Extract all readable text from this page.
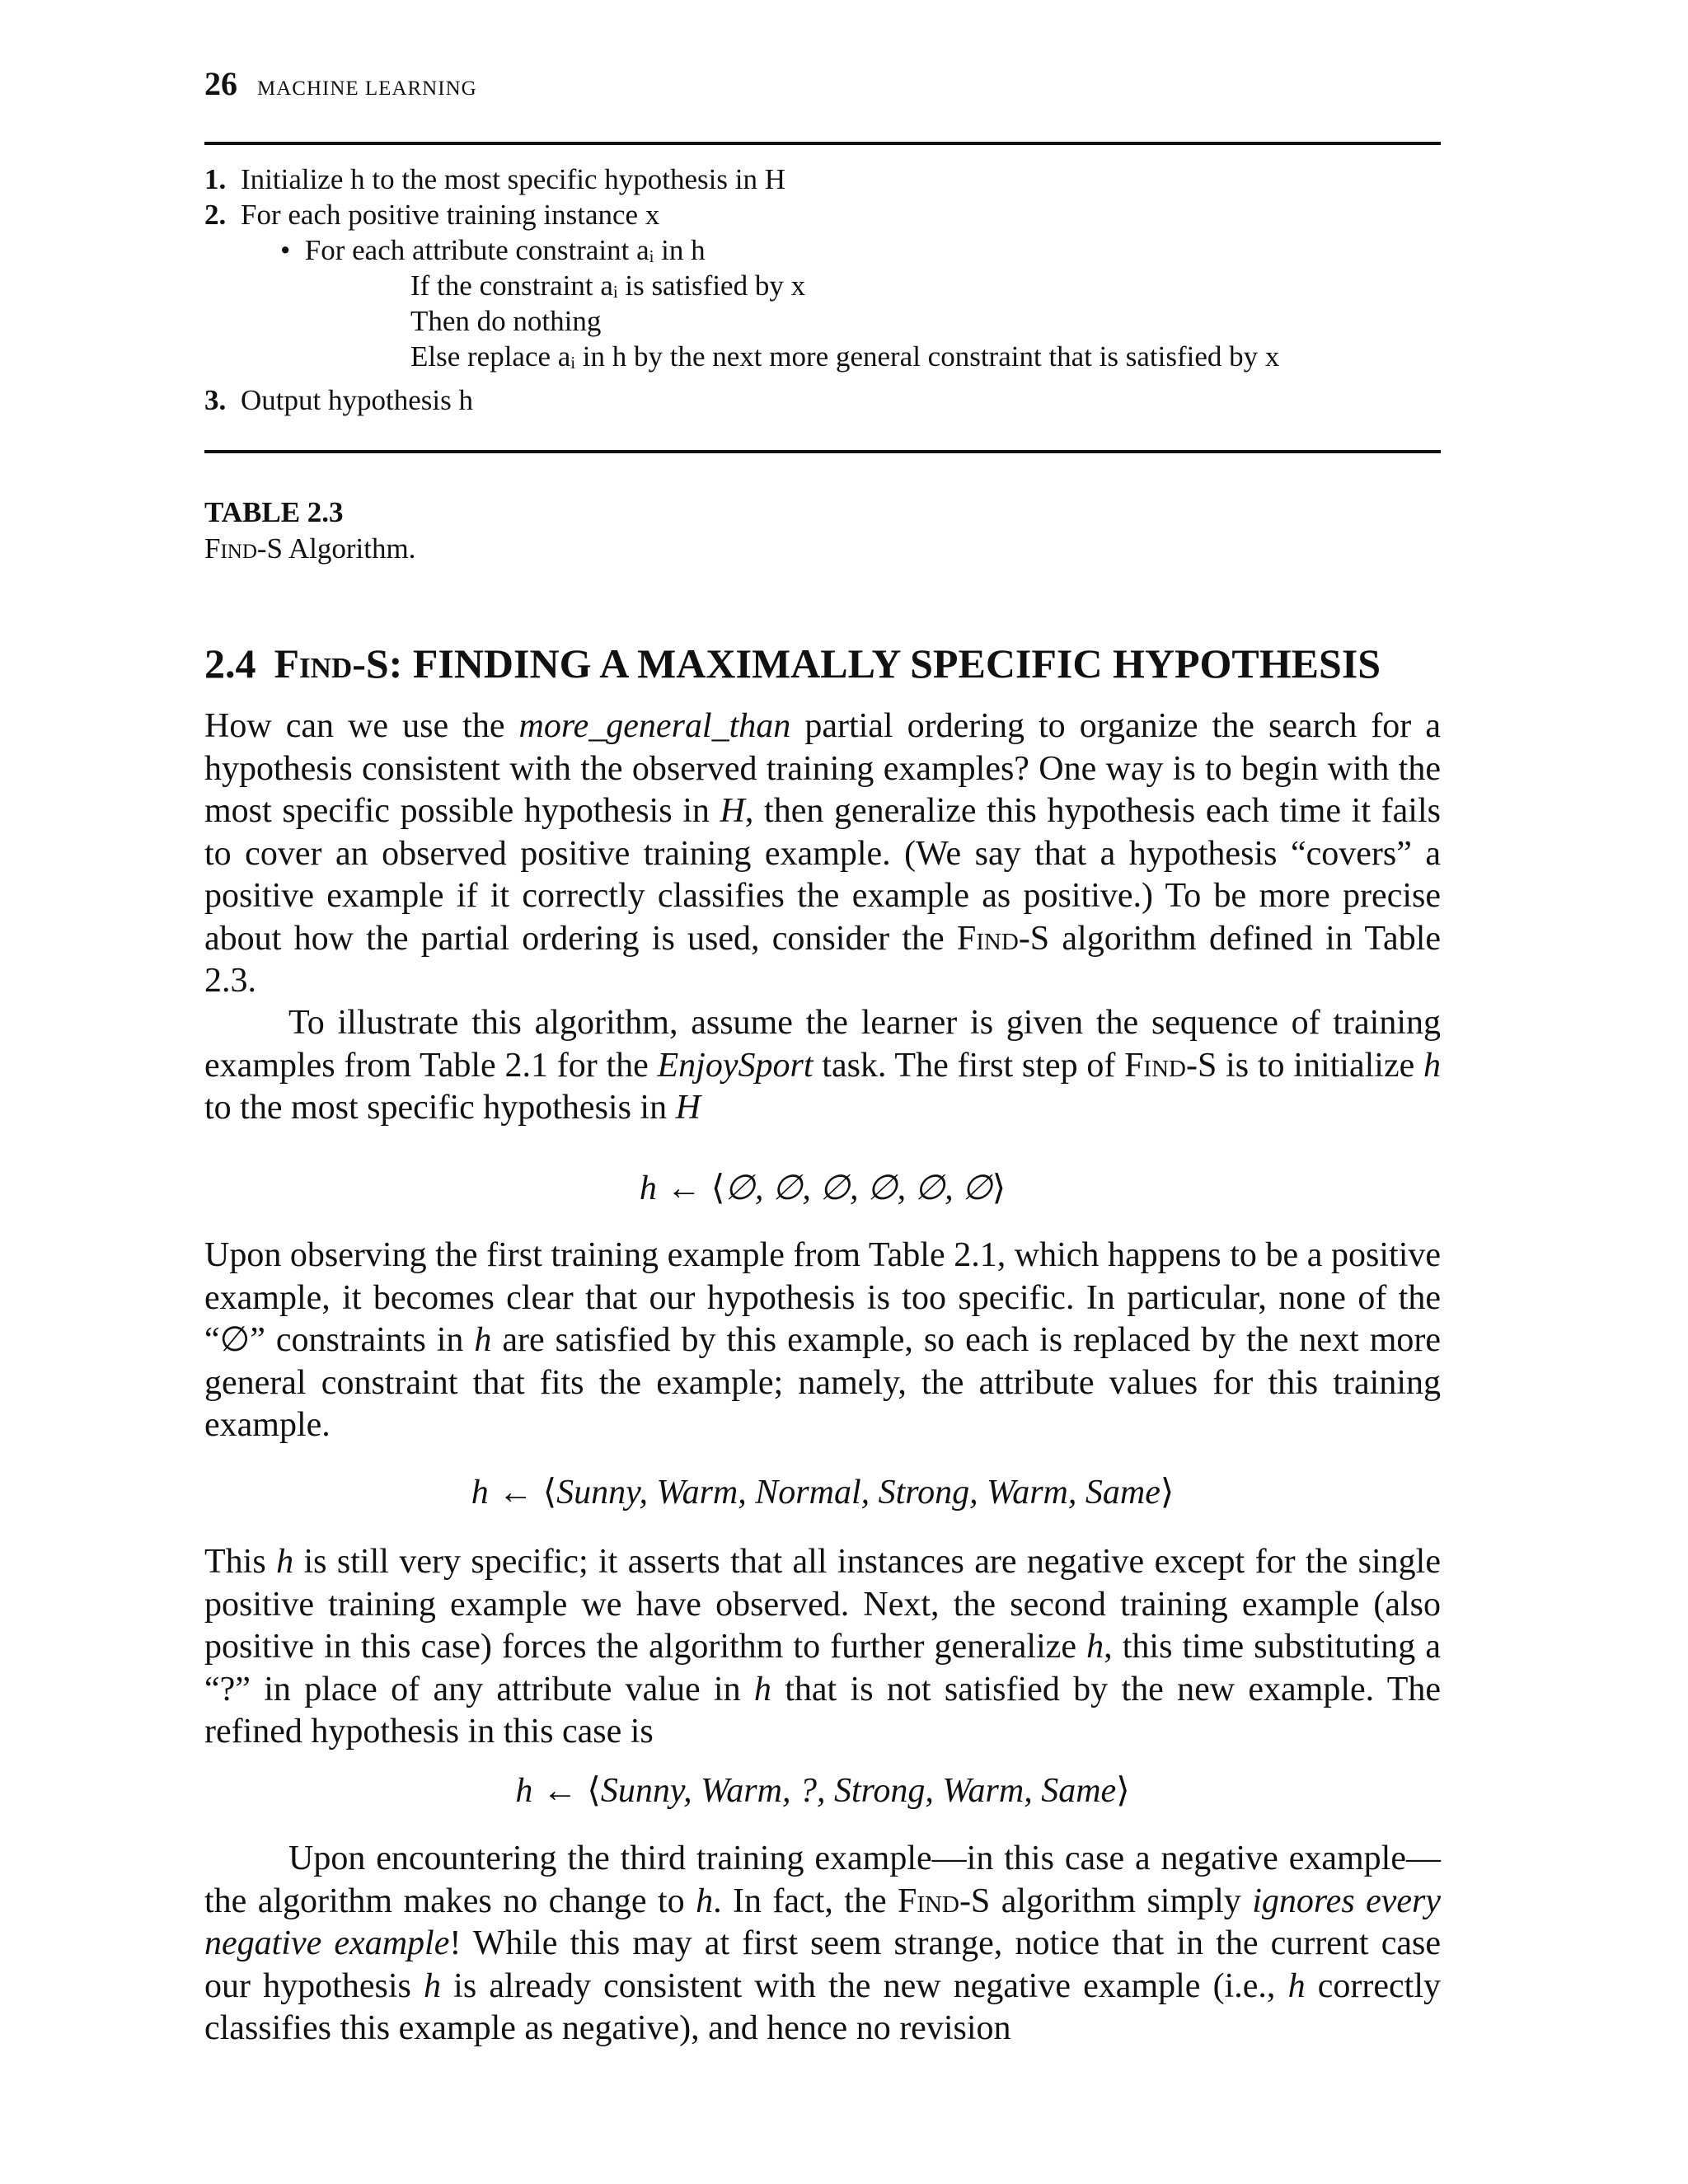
26 MACHINE LEARNING
1. Initialize h to the most specific hypothesis in H
2. For each positive training instance x
• For each attribute constraint aᵢ in h
If the constraint aᵢ is satisfied by x
Then do nothing
Else replace aᵢ in h by the next more general constraint that is satisfied by x
3. Output hypothesis h
TABLE 2.3
Find-S Algorithm.
2.4 Find-S: FINDING A MAXIMALLY SPECIFIC HYPOTHESIS

How can we use the more_general_than partial ordering to organize the search for a hypothesis consistent with the observed training examples? One way is to begin with the most specific possible hypothesis in H, then generalize this hypothesis each time it fails to cover an observed positive training example. (We say that a hypothesis “covers” a positive example if it correctly classifies the example as positive.) To be more precise about how the partial ordering is used, consider the Find-S algorithm defined in Table 2.3.

To illustrate this algorithm, assume the learner is given the sequence of training examples from Table 2.1 for the EnjoySport task. The first step of Find-S is to initialize h to the most specific hypothesis in H

h ← ⟨∅, ∅, ∅, ∅, ∅, ∅⟩

Upon observing the first training example from Table 2.1, which happens to be a positive example, it becomes clear that our hypothesis is too specific. In particular, none of the “∅” constraints in h are satisfied by this example, so each is replaced by the next more general constraint that fits the example; namely, the attribute values for this training example.

h ← ⟨Sunny, Warm, Normal, Strong, Warm, Same⟩

This h is still very specific; it asserts that all instances are negative except for the single positive training example we have observed. Next, the second training example (also positive in this case) forces the algorithm to further generalize h, this time substituting a “?” in place of any attribute value in h that is not satisfied by the new example. The refined hypothesis in this case is

h ← ⟨Sunny, Warm, ?, Strong, Warm, Same⟩

Upon encountering the third training example—in this case a negative example—the algorithm makes no change to h. In fact, the Find-S algorithm simply ignores every negative example! While this may at first seem strange, notice that in the current case our hypothesis h is already consistent with the new negative example (i.e., h correctly classifies this example as negative), and hence no revision
